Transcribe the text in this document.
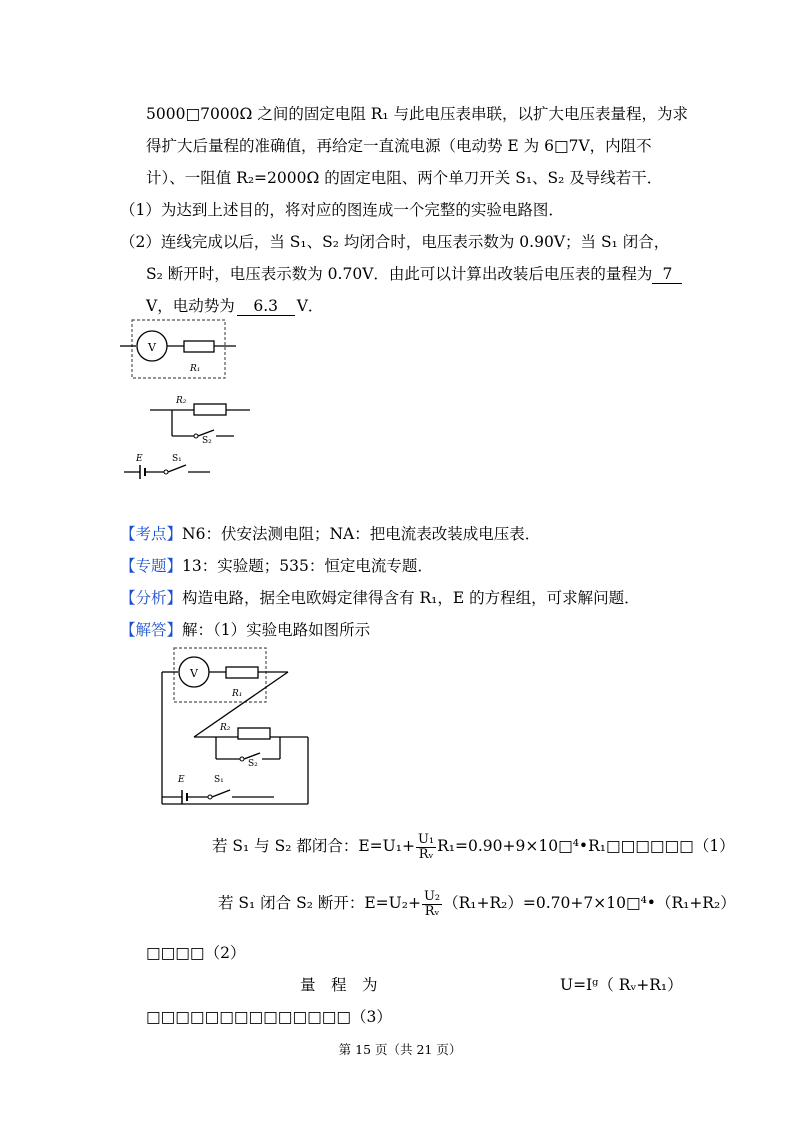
5000□7000Ω 之间的固定电阻 R₁ 与此电压表串联，以扩大电压表量程，为求
得扩大后量程的准确值，再给定一直流电源（电动势 E 为 6□7V，内阻不
计）、一阻值 R₂=2000Ω 的固定电阻、两个单刀开关 S₁、S₂ 及导线若干．
（1）为达到上述目的，将对应的图连成一个完整的实验电路图．
（2）连线完成以后，当 S₁、S₂ 均闭合时，电压表示数为 0.90V；当 S₁ 闭合，
S₂ 断开时，电压表示数为 0.70V．由此可以计算出改装后电压表的量程为 7
V，电动势为 6.3 V．
V
R₁
R₂
S₂
E	S₁
【考点】N6：伏安法测电阻；NA：把电流表改装成电压表．
【专题】13：实验题；535：恒定电流专题．
【分析】构造电路，据全电欧姆定律得含有 R₁，E 的方程组，可求解问题．
【解答】解：（1）实验电路如图所示
V
R₁
R₂
S₂
E	S₁
若 S₁ 与 S₂ 都闭合：$E=U_1+ \frac{\text{U₁}}{\text{Rᵥ}}$ R₁=0.90+9×10□⁴•R₁□□□□□□（1）
若 S₁ 闭合 S₂ 断开：$E=U_2+ \frac{\text{U₂}}{\text{Rᵥ}}$ （R₁+R₂）=0.70+7×10□⁴•（R₁+R₂）
□□□□（2）
量　程　为	U=Iᵍ（ Rᵥ+R₁）
□□□□□□□□□□□□□□（3）
第 15 页（共 21 页）
